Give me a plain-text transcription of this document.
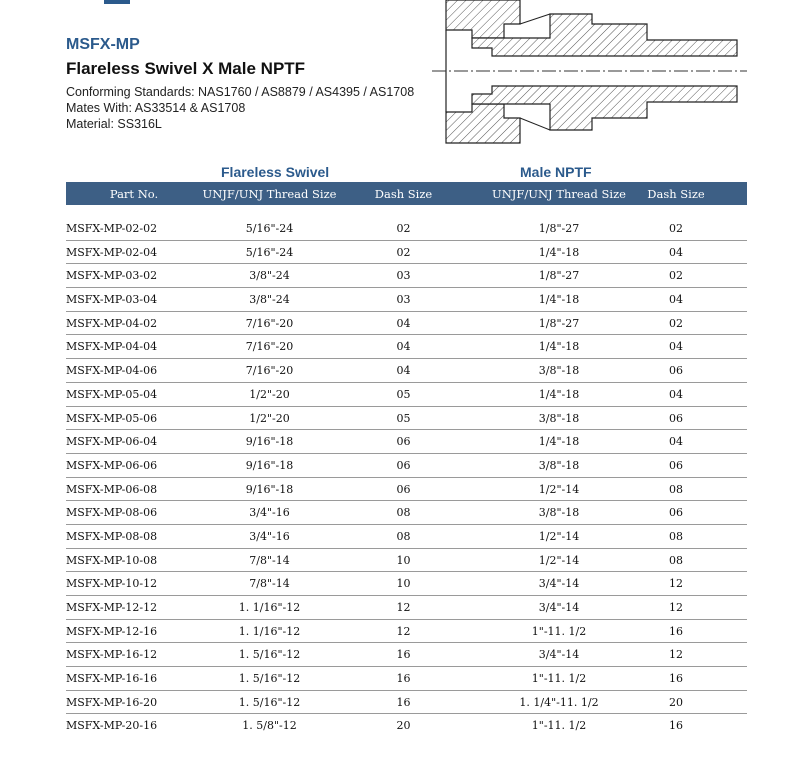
MSFX-MP
Flareless Swivel X Male NPTF
Conforming Standards: NAS1760 / AS8879 / AS4395 / AS1708
Mates With: AS33514 & AS1708
Material: SS316L
Flareless Swivel	Male NPTF
Part No.	UNJF/UNJ Thread Size	Dash Size	UNJF/UNJ Thread Size	Dash Size
MSFX-MP-02-02	5/16"-24	02	1/8"-27	02
MSFX-MP-02-04	5/16"-24	02	1/4"-18	04
MSFX-MP-03-02	3/8"-24	03	1/8"-27	02
MSFX-MP-03-04	3/8"-24	03	1/4"-18	04
MSFX-MP-04-02	7/16"-20	04	1/8"-27	02
MSFX-MP-04-04	7/16"-20	04	1/4"-18	04
MSFX-MP-04-06	7/16"-20	04	3/8"-18	06
MSFX-MP-05-04	1/2"-20	05	1/4"-18	04
MSFX-MP-05-06	1/2"-20	05	3/8"-18	06
MSFX-MP-06-04	9/16"-18	06	1/4"-18	04
MSFX-MP-06-06	9/16"-18	06	3/8"-18	06
MSFX-MP-06-08	9/16"-18	06	1/2"-14	08
MSFX-MP-08-06	3/4"-16	08	3/8"-18	06
MSFX-MP-08-08	3/4"-16	08	1/2"-14	08
MSFX-MP-10-08	7/8"-14	10	1/2"-14	08
MSFX-MP-10-12	7/8"-14	10	3/4"-14	12
MSFX-MP-12-12	1. 1/16"-12	12	3/4"-14	12
MSFX-MP-12-16	1. 1/16"-12	12	1"-11. 1/2	16
MSFX-MP-16-12	1. 5/16"-12	16	3/4"-14	12
MSFX-MP-16-16	1. 5/16"-12	16	1"-11. 1/2	16
MSFX-MP-16-20	1. 5/16"-12	16	1. 1/4"-11. 1/2	20
MSFX-MP-20-16	1. 5/8"-12	20	1"-11. 1/2	16
